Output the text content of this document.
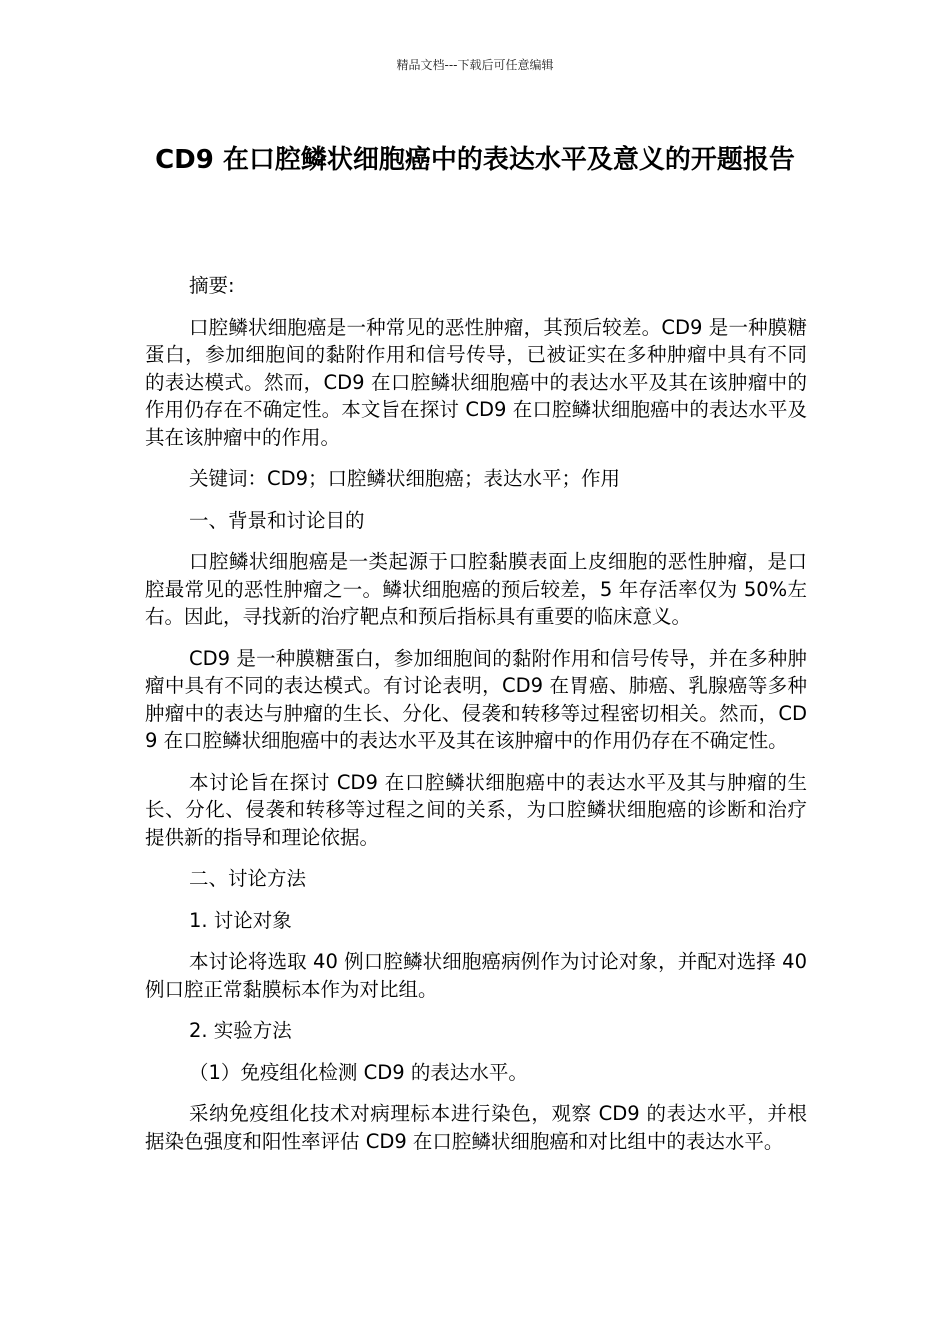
精品文档---下载后可任意编辑
CD9 在口腔鳞状细胞癌中的表达水平及意义的开题报告

摘要:

口腔鳞状细胞癌是一种常见的恶性肿瘤，其预后较差。CD9 是一种膜糖蛋白，参加细胞间的黏附作用和信号传导，已被证实在多种肿瘤中具有不同的表达模式。然而，CD9 在口腔鳞状细胞癌中的表达水平及其在该肿瘤中的作用仍存在不确定性。本文旨在探讨 CD9 在口腔鳞状细胞癌中的表达水平及其在该肿瘤中的作用。

关键词：CD9；口腔鳞状细胞癌；表达水平；作用

一、背景和讨论目的

口腔鳞状细胞癌是一类起源于口腔黏膜表面上皮细胞的恶性肿瘤，是口腔最常见的恶性肿瘤之一。鳞状细胞癌的预后较差，5 年存活率仅为 50%左右。因此，寻找新的治疗靶点和预后指标具有重要的临床意义。

CD9 是一种膜糖蛋白，参加细胞间的黏附作用和信号传导，并在多种肿瘤中具有不同的表达模式。有讨论表明，CD9 在胃癌、肺癌、乳腺癌等多种肿瘤中的表达与肿瘤的生长、分化、侵袭和转移等过程密切相关。然而，CD9 在口腔鳞状细胞癌中的表达水平及其在该肿瘤中的作用仍存在不确定性。

本讨论旨在探讨 CD9 在口腔鳞状细胞癌中的表达水平及其与肿瘤的生长、分化、侵袭和转移等过程之间的关系，为口腔鳞状细胞癌的诊断和治疗提供新的指导和理论依据。

二、讨论方法

1. 讨论对象

本讨论将选取 40 例口腔鳞状细胞癌病例作为讨论对象，并配对选择 40 例口腔正常黏膜标本作为对比组。

2. 实验方法

（1）免疫组化检测 CD9 的表达水平。

采纳免疫组化技术对病理标本进行染色，观察 CD9 的表达水平，并根据染色强度和阳性率评估 CD9 在口腔鳞状细胞癌和对比组中的表达水平。
